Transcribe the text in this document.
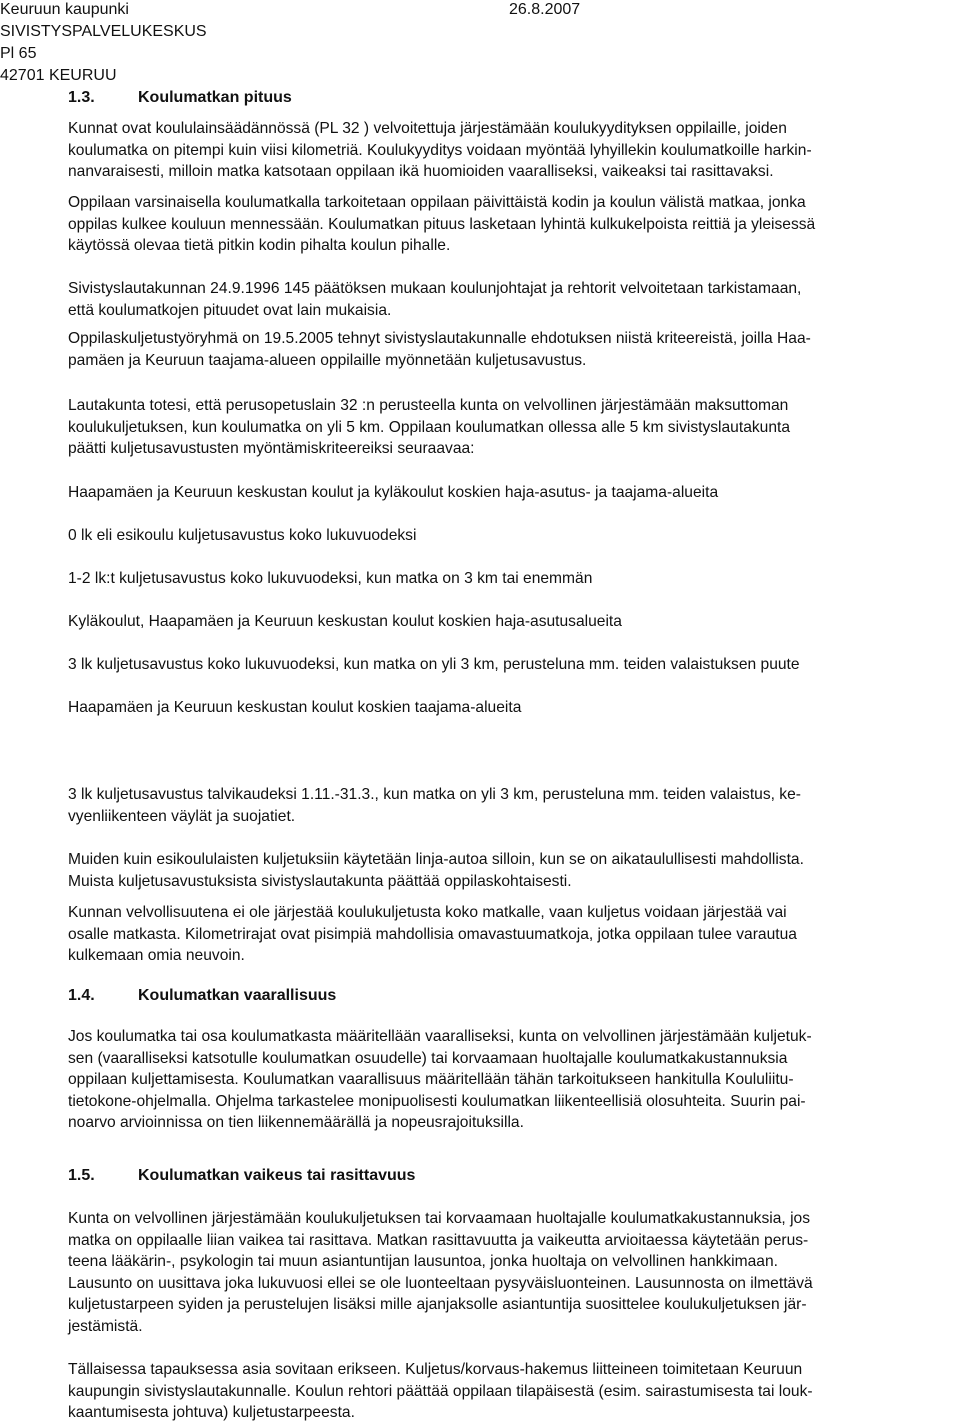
Keuruun kaupunki	26.8.2007

SIVISTYSPALVELUKESKUS

Pl 65

42701 KEURUU

1.3.	Koulumatkan pituus

Kunnat ovat koululainsäädännössä (PL 32 ) velvoitettuja järjestämään koulukyydityksen oppilaille, joiden
koulumatka on pitempi kuin viisi kilometriä. Koulukyyditys voidaan myöntää lyhyillekin koulumatkoille harkin-
nanvaraisesti, milloin matka katsotaan oppilaan ikä huomioiden vaaralliseksi, vaikeaksi tai rasittavaksi.

Oppilaan varsinaisella koulumatkalla tarkoitetaan oppilaan päivittäistä kodin ja koulun välistä matkaa, jonka
oppilas kulkee kouluun mennessään. Koulumatkan pituus lasketaan lyhintä kulkukelpoista reittiä ja yleisessä
käytössä olevaa tietä pitkin kodin pihalta koulun pihalle.

Sivistyslautakunnan 24.9.1996 145 päätöksen mukaan koulunjohtajat ja rehtorit velvoitetaan tarkistamaan,
että koulumatkojen pituudet ovat lain mukaisia.

Oppilaskuljetustyöryhmä on 19.5.2005 tehnyt sivistyslautakunnalle ehdotuksen niistä kriteereistä, joilla Haa-
pamäen ja Keuruun taajama-alueen oppilaille myönnetään kuljetusavustus.

Lautakunta totesi, että perusopetuslain 32 :n perusteella kunta on velvollinen järjestämään maksuttoman
koulukuljetuksen, kun koulumatka on yli 5 km. Oppilaan koulumatkan ollessa alle 5 km sivistyslautakunta
päätti kuljetusavustusten myöntämiskriteereiksi seuraavaa:

Haapamäen ja Keuruun keskustan koulut ja kyläkoulut koskien haja-asutus- ja taajama-alueita

0 lk eli esikoulu kuljetusavustus koko lukuvuodeksi

1-2 lk:t kuljetusavustus koko lukuvuodeksi, kun matka on 3 km tai enemmän

Kyläkoulut, Haapamäen ja Keuruun keskustan koulut koskien haja-asutusalueita

3 lk kuljetusavustus koko lukuvuodeksi, kun matka on yli 3 km, perusteluna mm. teiden valaistuksen puute

Haapamäen ja Keuruun keskustan koulut koskien taajama-alueita

3 lk kuljetusavustus talvikaudeksi 1.11.-31.3., kun matka on yli 3 km, perusteluna mm. teiden valaistus, ke-
vyenliikenteen väylät ja suojatiet.

Muiden kuin esikoululaisten kuljetuksiin käytetään linja-autoa silloin, kun se on aikataulullisesti mahdollista.
Muista kuljetusavustuksista sivistyslautakunta päättää oppilaskohtaisesti.

Kunnan velvollisuutena ei ole järjestää koulukuljetusta koko matkalle, vaan kuljetus voidaan järjestää vai
osalle matkasta. Kilometrirajat ovat pisimpiä mahdollisia omavastuumatkoja, jotka oppilaan tulee varautua
kulkemaan omia neuvoin.

1.4.	Koulumatkan vaarallisuus

Jos koulumatka tai osa koulumatkasta määritellään vaaralliseksi, kunta on velvollinen järjestämään kuljetuk-
sen (vaaralliseksi katsotulle koulumatkan osuudelle) tai korvaamaan huoltajalle koulumatkakustannuksia
oppilaan kuljettamisesta. Koulumatkan vaarallisuus määritellään tähän tarkoitukseen hankitulla Koululiitu-
tietokone-ohjelmalla. Ohjelma tarkastelee monipuolisesti koulumatkan liikenteellisiä olosuhteita. Suurin pai-
noarvo arvioinnissa on tien liikennemäärällä ja nopeusrajoituksilla.

1.5.	Koulumatkan vaikeus tai rasittavuus

Kunta on velvollinen järjestämään koulukuljetuksen tai korvaamaan huoltajalle koulumatkakustannuksia, jos
matka on oppilaalle liian vaikea tai rasittava. Matkan rasittavuutta ja vaikeutta arvioitaessa käytetään perus-
teena lääkärin-, psykologin tai muun asiantuntijan lausuntoa, jonka huoltaja on velvollinen hankkimaan.
Lausunto on uusittava joka lukuvuosi ellei se ole luonteeltaan pysyväisluonteinen. Lausunnosta on ilmettävä
kuljetustarpeen syiden ja perustelujen lisäksi mille ajanjaksolle asiantuntija suosittelee koulukuljetuksen jär-
jestämistä.

Tällaisessa tapauksessa asia sovitaan erikseen. Kuljetus/korvaus-hakemus liitteineen toimitetaan Keuruun
kaupungin sivistyslautakunnalle. Koulun rehtori päättää oppilaan tilapäisestä (esim. sairastumisesta tai louk-
kaantumisesta johtuva) kuljetustarpeesta.
